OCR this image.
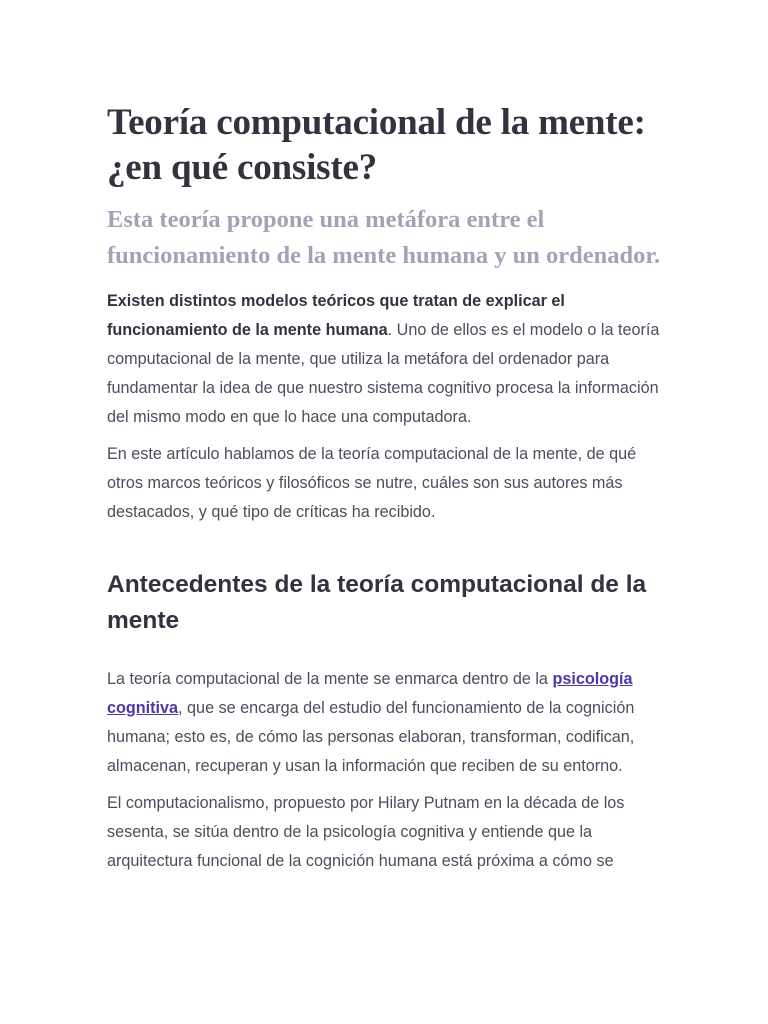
Teoría computacional de la mente: ¿en qué consiste?
Esta teoría propone una metáfora entre el funcionamiento de la mente humana y un ordenador.

Existen distintos modelos teóricos que tratan de explicar el funcionamiento de la mente humana. Uno de ellos es el modelo o la teoría computacional de la mente, que utiliza la metáfora del ordenador para fundamentar la idea de que nuestro sistema cognitivo procesa la información del mismo modo en que lo hace una computadora.

En este artículo hablamos de la teoría computacional de la mente, de qué otros marcos teóricos y filosóficos se nutre, cuáles son sus autores más destacados, y qué tipo de críticas ha recibido.

Antecedentes de la teoría computacional de la mente

La teoría computacional de la mente se enmarca dentro de la psicología cognitiva, que se encarga del estudio del funcionamiento de la cognición humana; esto es, de cómo las personas elaboran, transforman, codifican, almacenan, recuperan y usan la información que reciben de su entorno.

El computacionalismo, propuesto por Hilary Putnam en la década de los sesenta, se sitúa dentro de la psicología cognitiva y entiende que la arquitectura funcional de la cognición humana está próxima a cómo se
